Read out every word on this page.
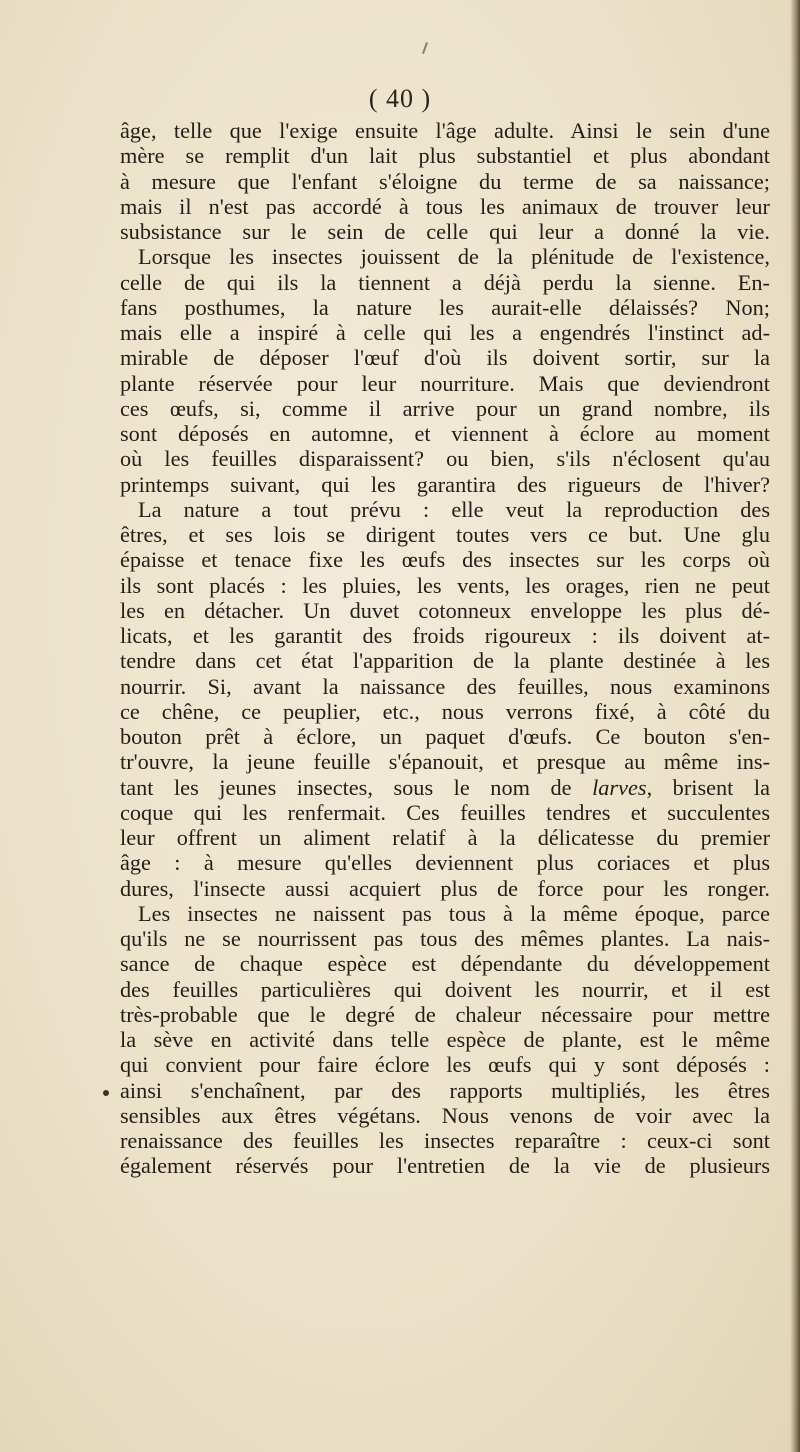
( 40 )
âge, telle que l'exige ensuite l'âge adulte. Ainsi le sein d'une
mère se remplit d'un lait plus substantiel et plus abondant
à mesure que l'enfant s'éloigne du terme de sa naissance;
mais il n'est pas accordé à tous les animaux de trouver leur
subsistance sur le sein de celle qui leur a donné la vie.
Lorsque les insectes jouissent de la plénitude de l'existence,
celle de qui ils la tiennent a déjà perdu la sienne. En-
fans posthumes, la nature les aurait-elle délaissés? Non;
mais elle a inspiré à celle qui les a engendrés l'instinct ad-
mirable de déposer l'œuf d'où ils doivent sortir, sur la
plante réservée pour leur nourriture. Mais que deviendront
ces œufs, si, comme il arrive pour un grand nombre, ils
sont déposés en automne, et viennent à éclore au moment
où les feuilles disparaissent? ou bien, s'ils n'éclosent qu'au
printemps suivant, qui les garantira des rigueurs de l'hiver?
La nature a tout prévu : elle veut la reproduction des
êtres, et ses lois se dirigent toutes vers ce but. Une glu
épaisse et tenace fixe les œufs des insectes sur les corps où
ils sont placés : les pluies, les vents, les orages, rien ne peut
les en détacher. Un duvet cotonneux enveloppe les plus dé-
licats, et les garantit des froids rigoureux : ils doivent at-
tendre dans cet état l'apparition de la plante destinée à les
nourrir. Si, avant la naissance des feuilles, nous examinons
ce chêne, ce peuplier, etc., nous verrons fixé, à côté du
bouton prêt à éclore, un paquet d'œufs. Ce bouton s'en-
tr'ouvre, la jeune feuille s'épanouit, et presque au même ins-
tant les jeunes insectes, sous le nom de larves, brisent la
coque qui les renfermait. Ces feuilles tendres et succulentes
leur offrent un aliment relatif à la délicatesse du premier
âge : à mesure qu'elles deviennent plus coriaces et plus
dures, l'insecte aussi acquiert plus de force pour les ronger.
Les insectes ne naissent pas tous à la même époque, parce
qu'ils ne se nourrissent pas tous des mêmes plantes. La nais-
sance de chaque espèce est dépendante du développement
des feuilles particulières qui doivent les nourrir, et il est
très-probable que le degré de chaleur nécessaire pour mettre
la sève en activité dans telle espèce de plante, est le même
qui convient pour faire éclore les œufs qui y sont déposés :
ainsi s'enchaînent, par des rapports multipliés, les êtres
sensibles aux êtres végétans. Nous venons de voir avec la
renaissance des feuilles les insectes reparaître : ceux-ci sont
également réservés pour l'entretien de la vie de plusieurs
